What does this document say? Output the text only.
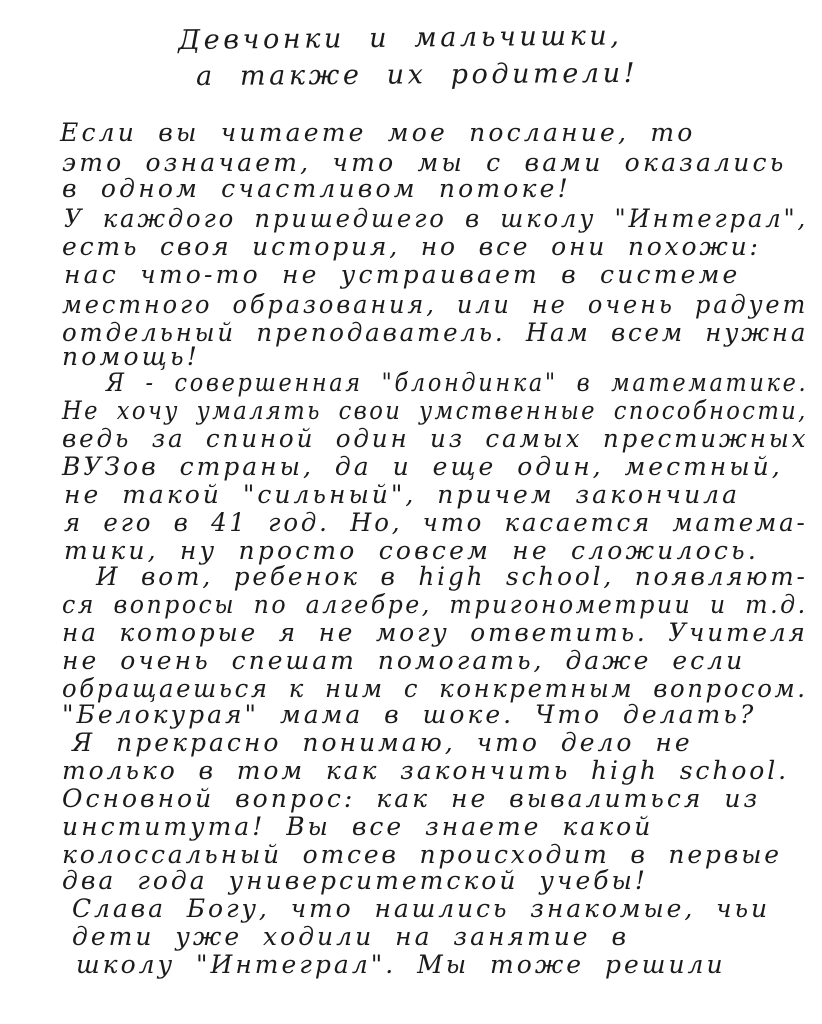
Девчонки и мальчишки,

а также их родители!

Если вы читаете мое послание, то

это означает, что мы с вами оказались

в одном счастливом потоке!

У каждого пришедшего в школу "Интеграл",

есть своя история, но все они похожи:

нас что-то не устраивает в системе

местного образования, или не очень радует

отдельный преподаватель. Нам всем нужна

помощь!

Я - совершенная "блондинка" в математике.

Не хочу умалять свои умственные способности,

ведь за спиной один из самых престижных

ВУЗов страны, да и еще один, местный,

не такой "сильный", причем закончила

я его в 41 год. Но, что касается матема-

тики, ну просто совсем не сложилось.

И вот, ребенок в high school, появляют-

ся вопросы по алгебре, тригонометрии и т.д.

на которые я не могу ответить. Учителя

не очень спешат помогать, даже если

обращаешься к ним с конкретным вопросом.

"Белокурая" мама в шоке. Что делать?

Я прекрасно понимаю, что дело не

только в том как закончить high school.

Основной вопрос: как не вывалиться из

института! Вы все знаете какой

колоссальный отсев происходит в первые

два года университетской учебы!

Слава Богу, что нашлись знакомые, чьи

дети уже ходили на занятие в

школу "Интеграл". Мы тоже решили
